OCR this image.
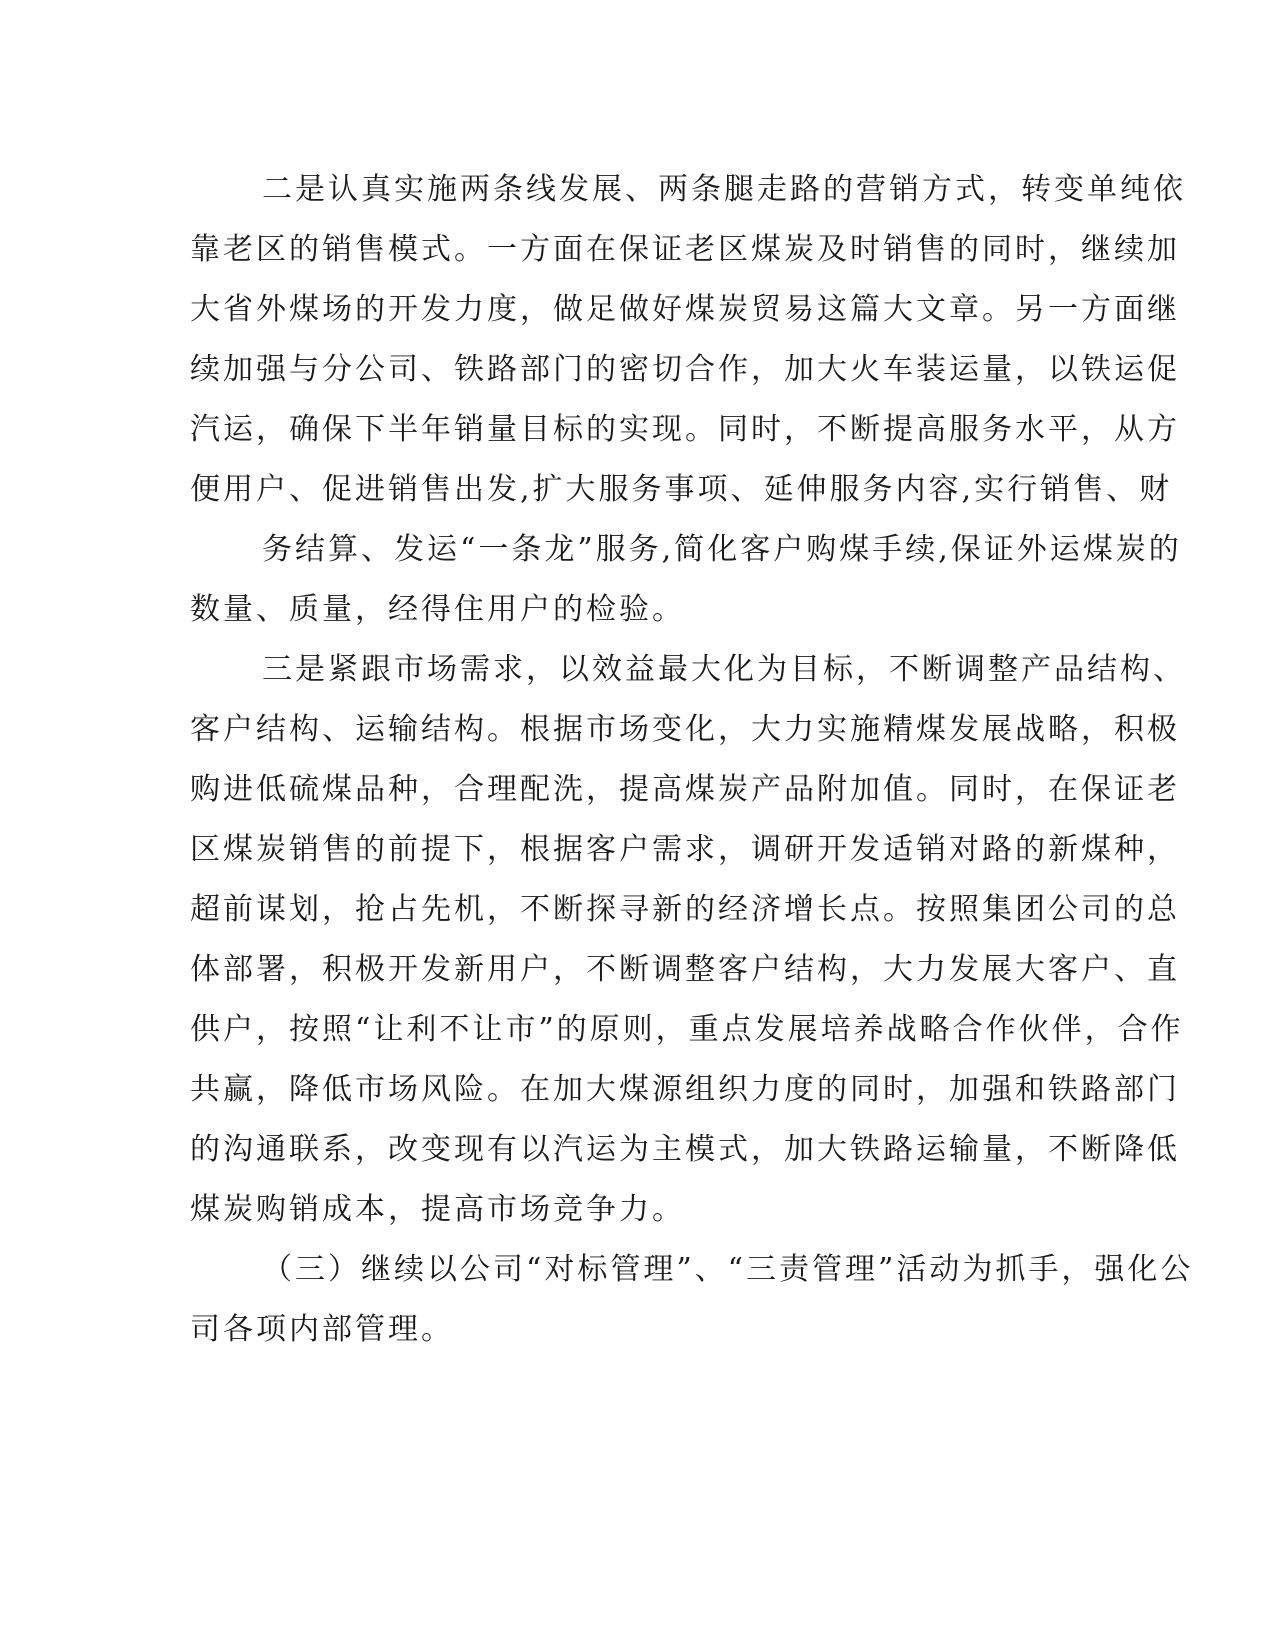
二是认真实施两条线发展、两条腿走路的营销方式，转变单纯依
靠老区的销售模式。一方面在保证老区煤炭及时销售的同时，继续加
大省外煤场的开发力度，做足做好煤炭贸易这篇大文章。另一方面继
续加强与分公司、铁路部门的密切合作，加大火车装运量，以铁运促
汽运，确保下半年销量目标的实现。同时，不断提高服务水平，从方
便用户、促进销售出发,扩大服务事项、延伸服务内容,实行销售、财
务结算、发运“一条龙”服务,简化客户购煤手续,保证外运煤炭的
数量、质量，经得住用户的检验。
三是紧跟市场需求，以效益最大化为目标，不断调整产品结构、
客户结构、运输结构。根据市场变化，大力实施精煤发展战略，积极
购进低硫煤品种，合理配洗，提高煤炭产品附加值。同时，在保证老
区煤炭销售的前提下，根据客户需求，调研开发适销对路的新煤种，
超前谋划，抢占先机，不断探寻新的经济增长点。按照集团公司的总
体部署，积极开发新用户，不断调整客户结构，大力发展大客户、直
供户，按照“让利不让市”的原则，重点发展培养战略合作伙伴，合作
共赢，降低市场风险。在加大煤源组织力度的同时，加强和铁路部门
的沟通联系，改变现有以汽运为主模式，加大铁路运输量，不断降低
煤炭购销成本，提高市场竞争力。
（三）继续以公司“对标管理”、“三责管理”活动为抓手，强化公
司各项内部管理。
